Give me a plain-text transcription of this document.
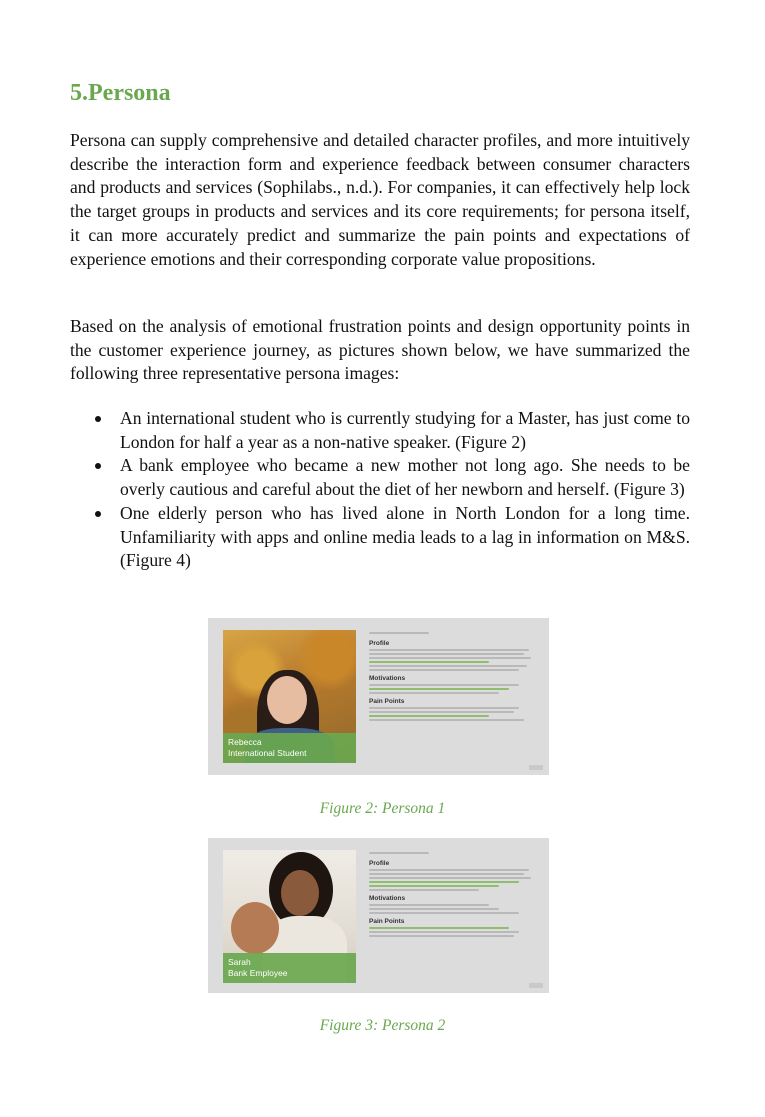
5.Persona

Persona can supply comprehensive and detailed character profiles, and more intuitively describe the interaction form and experience feedback between consumer characters and products and services (Sophilabs., n.d.). For companies, it can effectively help lock the target groups in products and services and its core requirements; for persona itself, it can more accurately predict and summarize the pain points and expectations of experience emotions and their corresponding corporate value propositions.

Based on the analysis of emotional frustration points and design opportunity points in the customer experience journey, as pictures shown below, we have summarized the following three representative persona images:

An international student who is currently studying for a Master, has just come to London for half a year as a non-native speaker. (Figure 2)
A bank employee who became a new mother not long ago. She needs to be overly cautious and careful about the diet of her newborn and herself. (Figure 3)
One elderly person who has lived alone in North London for a long time. Unfamiliarity with apps and online media leads to a lag in information on M&S. (Figure 4)
Rebecca
International Student
Profile
Motivations
Pain Points

Figure 2: Persona 1

Sarah
Bank Employee
Profile
Motivations
Pain Points

Figure 3: Persona 2
